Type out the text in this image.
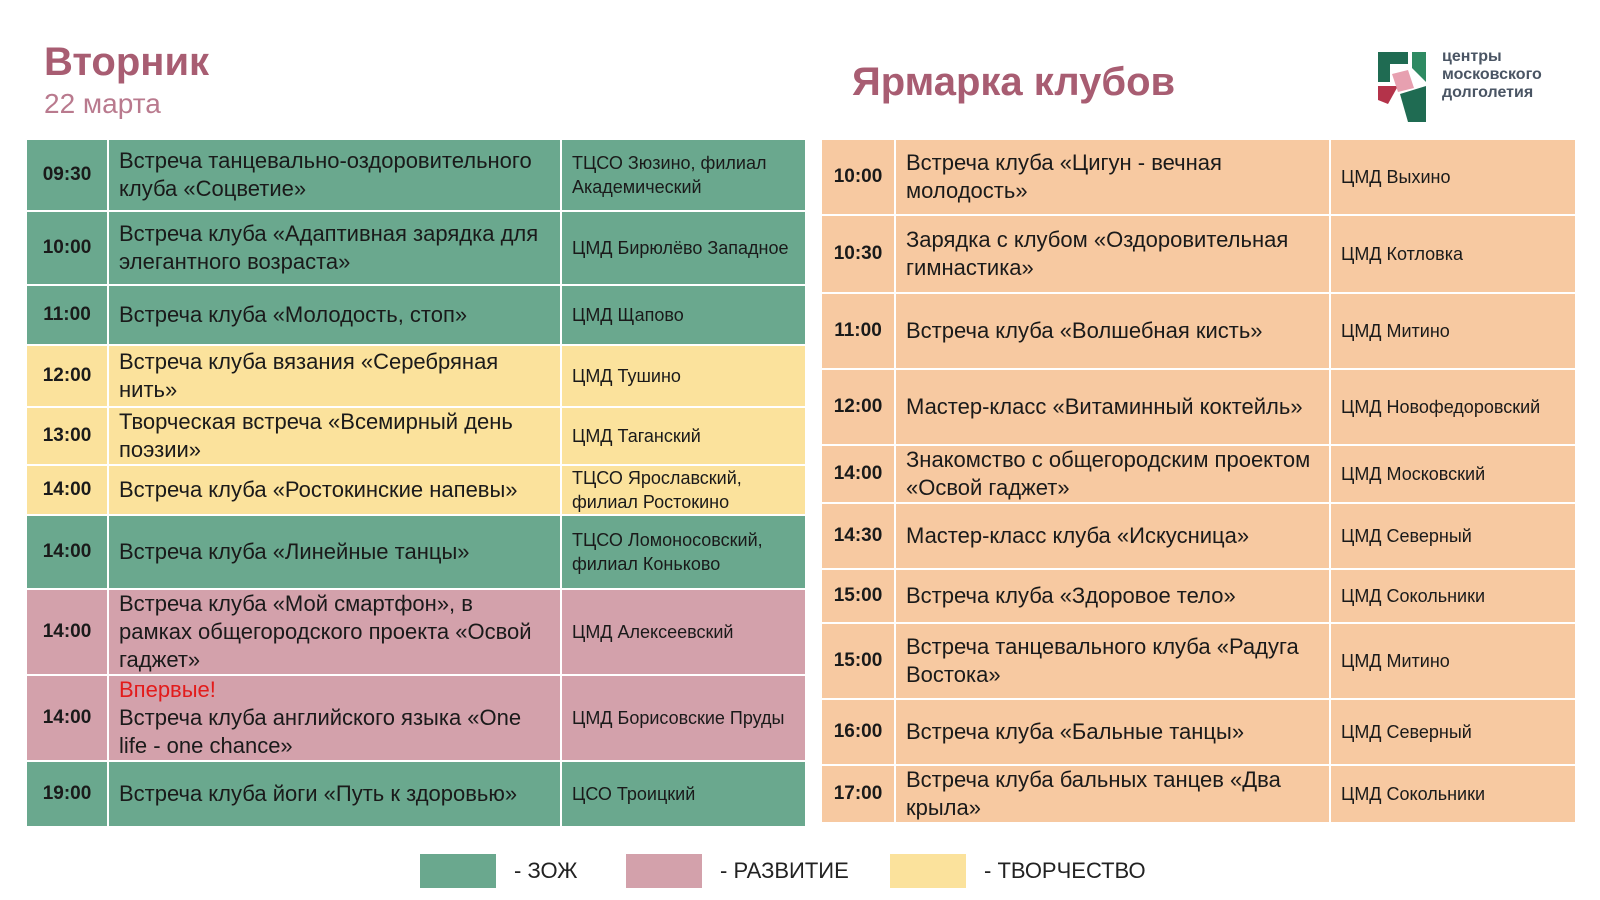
Вторник
22 марта	Ярмарка клубов
центры
московского
долголетия
09:30	Встреча танцевально-оздоровительного клуба «Соцветие»	ТЦСО Зюзино, филиал Академический
10:00	Встреча клуба «Адаптивная зарядка для элегантного возраста»	ЦМД Бирюлёво Западное
11:00	Встреча клуба «Молодость, стоп»	ЦМД Щапово
12:00	Встреча клуба вязания «Серебряная нить»	ЦМД Тушино
13:00	Творческая встреча «Всемирный день поэзии»	ЦМД Таганский
14:00	Встреча клуба «Ростокинские напевы»	ТЦСО Ярославский, филиал Ростокино
14:00	Встреча клуба «Линейные танцы»	ТЦСО Ломоносовский, филиал Коньково
14:00	Встреча клуба «Мой смартфон», в рамках общегородского проекта «Освой гаджет»	ЦМД Алексеевский
14:00	Впервые!
Встреча клуба английского языка «One life - one chance»	ЦМД Борисовские Пруды
19:00	Встреча клуба йоги «Путь к здоровью»	ЦСО Троицкий
10:00	Встреча клуба «Цигун - вечная молодость»	ЦМД Выхино
10:30	Зарядка с клубом «Оздоровительная гимнастика»	ЦМД Котловка
11:00	Встреча клуба «Волшебная кисть»	ЦМД Митино
12:00	Мастер-класс «Витаминный коктейль»	ЦМД Новофедоровский
14:00	Знакомство с общегородским проектом «Освой гаджет»	ЦМД Московский
14:30	Мастер-класс клуба «Искусница»	ЦМД Северный
15:00	Встреча клуба «Здоровое тело»	ЦМД Сокольники
15:00	Встреча танцевального клуба «Радуга Востока»	ЦМД Митино
16:00	Встреча клуба «Бальные танцы»	ЦМД Северный
17:00	Встреча клуба бальных танцев «Два крыла»	ЦМД Сокольники
- ЗОЖ	- РАЗВИТИЕ	- ТВОРЧЕСТВО
